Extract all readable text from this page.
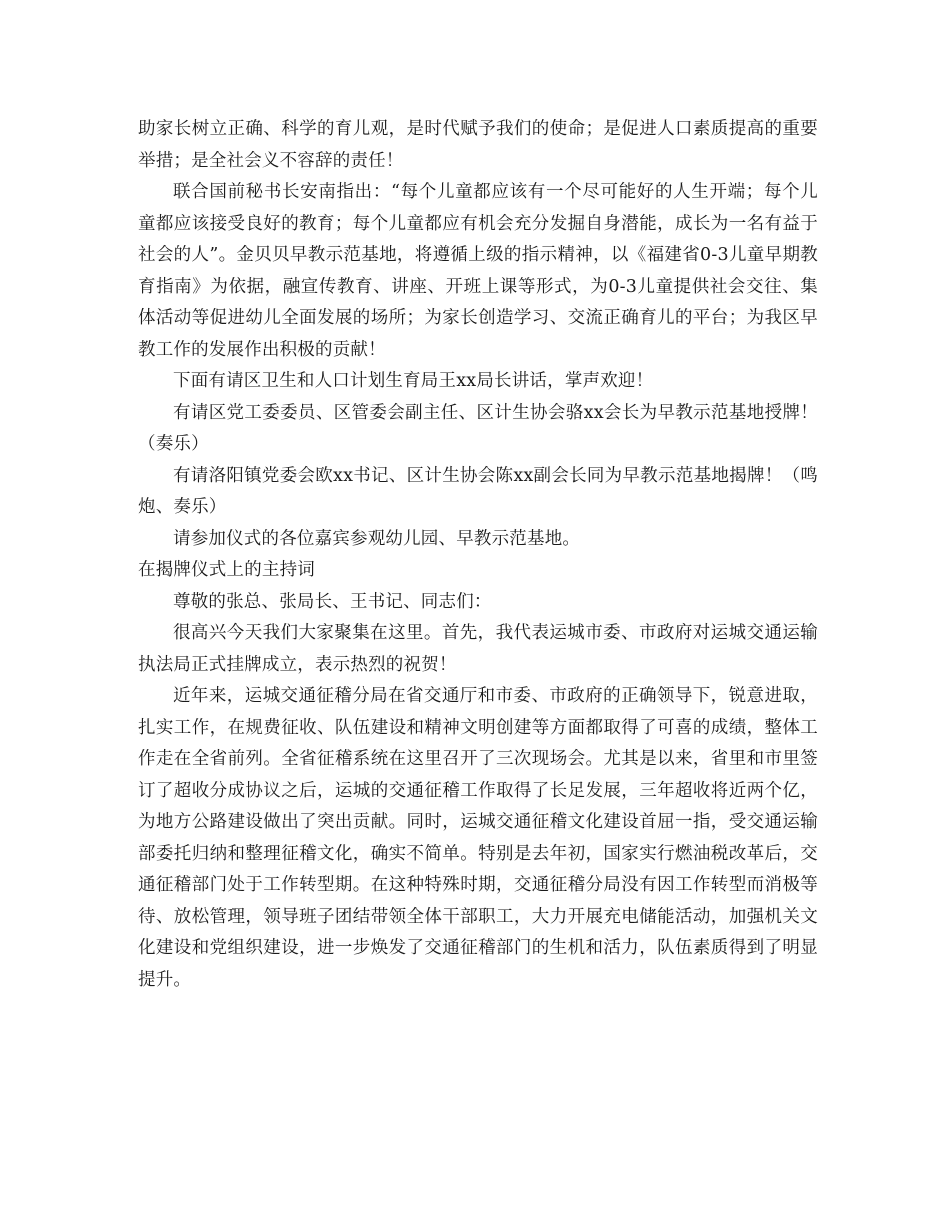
助家长树立正确、科学的育儿观，是时代赋予我们的使命；是促进人口素质提高的重要举措；是全社会义不容辞的责任！

联合国前秘书长安南指出：“每个儿童都应该有一个尽可能好的人生开端；每个儿童都应该接受良好的教育；每个儿童都应有机会充分发掘自身潜能，成长为一名有益于社会的人”。金贝贝早教示范基地，将遵循上级的指示精神，以《福建省0-3儿童早期教育指南》为依据，融宣传教育、讲座、开班上课等形式，为0-3儿童提供社会交往、集体活动等促进幼儿全面发展的场所；为家长创造学习、交流正确育儿的平台；为我区早教工作的发展作出积极的贡献！

下面有请区卫生和人口计划生育局王xx局长讲话，掌声欢迎！

有请区党工委委员、区管委会副主任、区计生协会骆xx会长为早教示范基地授牌！（奏乐）

有请洛阳镇党委会欧xx书记、区计生协会陈xx副会长同为早教示范基地揭牌！（鸣炮、奏乐）

请参加仪式的各位嘉宾参观幼儿园、早教示范基地。

在揭牌仪式上的主持词

尊敬的张总、张局长、王书记、同志们：

很高兴今天我们大家聚集在这里。首先，我代表运城市委、市政府对运城交通运输执法局正式挂牌成立，表示热烈的祝贺！

近年来，运城交通征稽分局在省交通厅和市委、市政府的正确领导下，锐意进取，扎实工作，在规费征收、队伍建设和精神文明创建等方面都取得了可喜的成绩，整体工作走在全省前列。全省征稽系统在这里召开了三次现场会。尤其是以来，省里和市里签订了超收分成协议之后，运城的交通征稽工作取得了长足发展，三年超收将近两个亿，为地方公路建设做出了突出贡献。同时，运城交通征稽文化建设首屈一指，受交通运输部委托归纳和整理征稽文化，确实不简单。特别是去年初，国家实行燃油税改革后，交通征稽部门处于工作转型期。在这种特殊时期，交通征稽分局没有因工作转型而消极等待、放松管理，领导班子团结带领全体干部职工，大力开展充电储能活动，加强机关文化建设和党组织建设，进一步焕发了交通征稽部门的生机和活力，队伍素质得到了明显提升。
